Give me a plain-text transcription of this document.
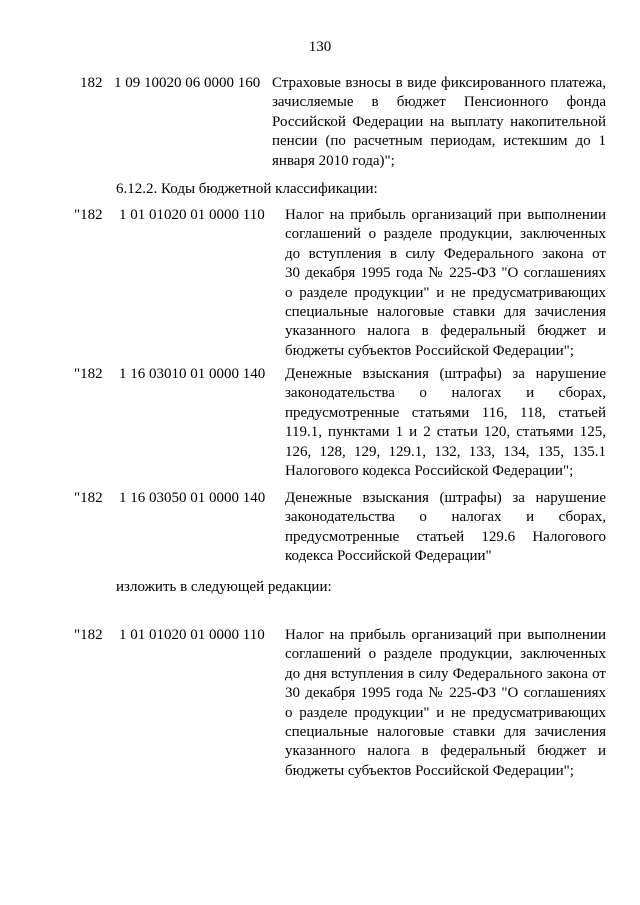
130
182 1 09 10020 06 0000 160 Страховые взносы в виде фиксированного платежа,
зачисляемые в бюджет Пенсионного фонда
Российской Федерации на выплату накопительной
пенсии (по расчетным периодам, истекшим до 1
января 2010 года)";
6.12.2. Коды бюджетной классификации:
"182 1 01 01020 01 0000 110 Налог на прибыль организаций при выполнении
соглашений о разделе продукции, заключенных
до вступления в силу Федерального закона от
30 декабря 1995 года № 225-ФЗ "О соглашениях
о разделе продукции" и не предусматривающих
специальные налоговые ставки для зачисления
указанного налога в федеральный бюджет и
бюджеты субъектов Российской Федерации";
"182 1 16 03010 01 0000 140 Денежные взыскания (штрафы) за нарушение
законодательства о налогах и сборах,
предусмотренные статьями 116, 118, статьей
119.1, пунктами 1 и 2 статьи 120, статьями 125,
126, 128, 129, 129.1, 132, 133, 134, 135, 135.1
Налогового кодекса Российской Федерации";
"182 1 16 03050 01 0000 140 Денежные взыскания (штрафы) за нарушение
законодательства о налогах и сборах,
предусмотренные статьей 129.6 Налогового
кодекса Российской Федерации"
изложить в следующей редакции:
"182 1 01 01020 01 0000 110 Налог на прибыль организаций при выполнении
соглашений о разделе продукции, заключенных
до дня вступления в силу Федерального закона от
30 декабря 1995 года № 225-ФЗ "О соглашениях
о разделе продукции" и не предусматривающих
специальные налоговые ставки для зачисления
указанного налога в федеральный бюджет и
бюджеты субъектов Российской Федерации";
